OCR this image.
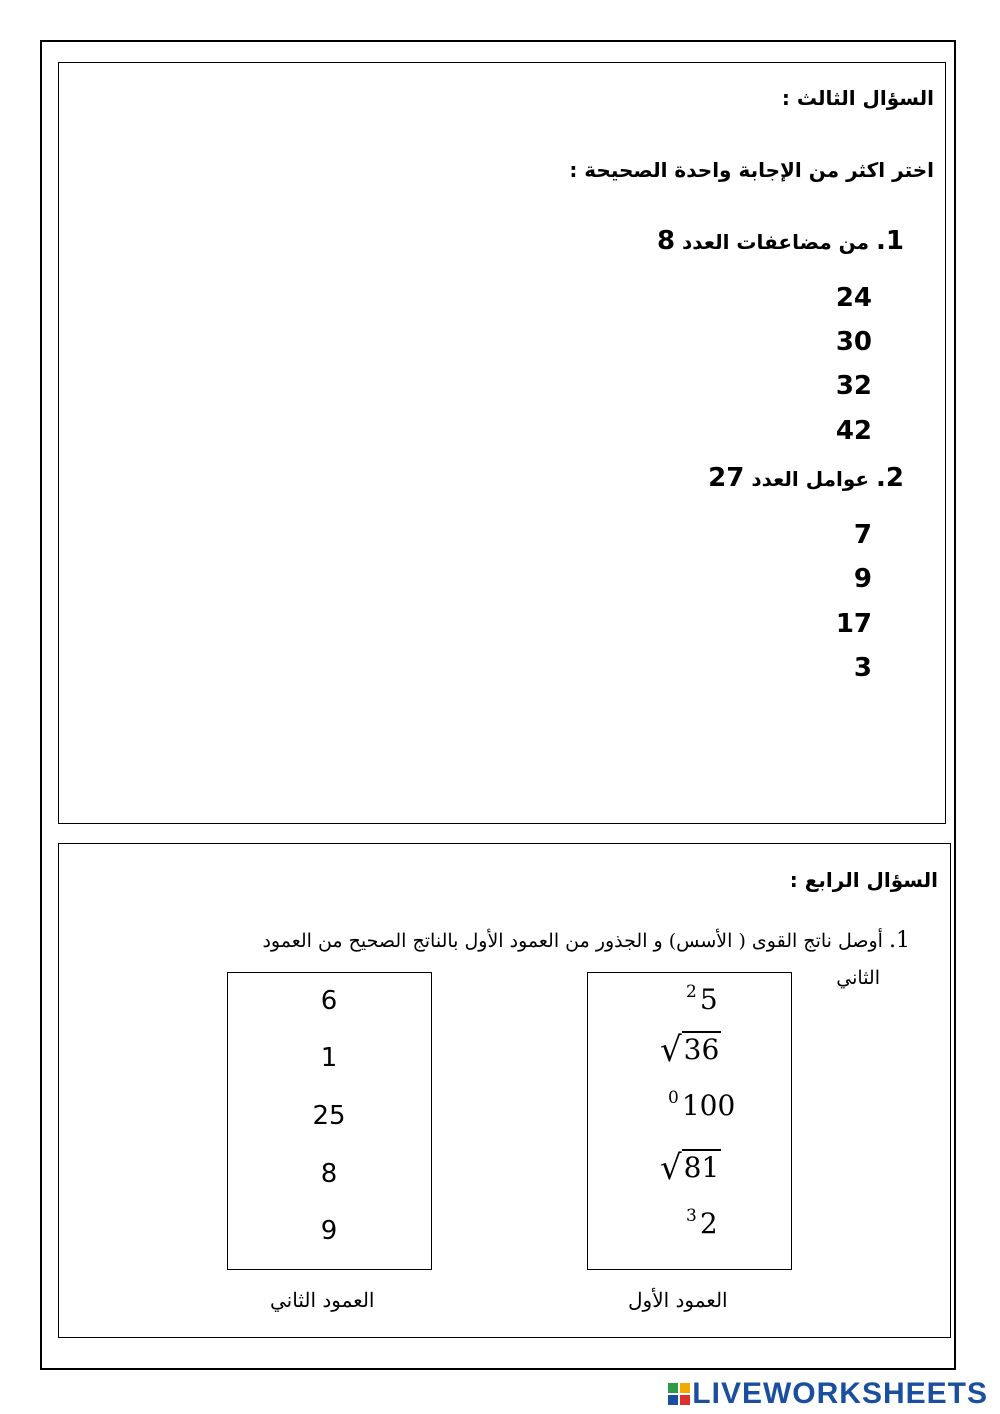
السؤال الثالث :
اختر اكثر من الإجابة واحدة الصحيحة :
1. من مضاعفات العدد 8
24
30
32
42
2. عوامل العدد 27
7
9
17
3
السؤال الرابع :
1. أوصل ناتج القوى ( الأسس) و الجذور من العمود الأول بالناتج الصحيح من العمود
الثاني
$^2$ 5
√36
$^0$ 100
√81
$^3$ 2
6
1
25
8
9
العمود الأول
العمود الثاني
LIVEWORKSHEETS
